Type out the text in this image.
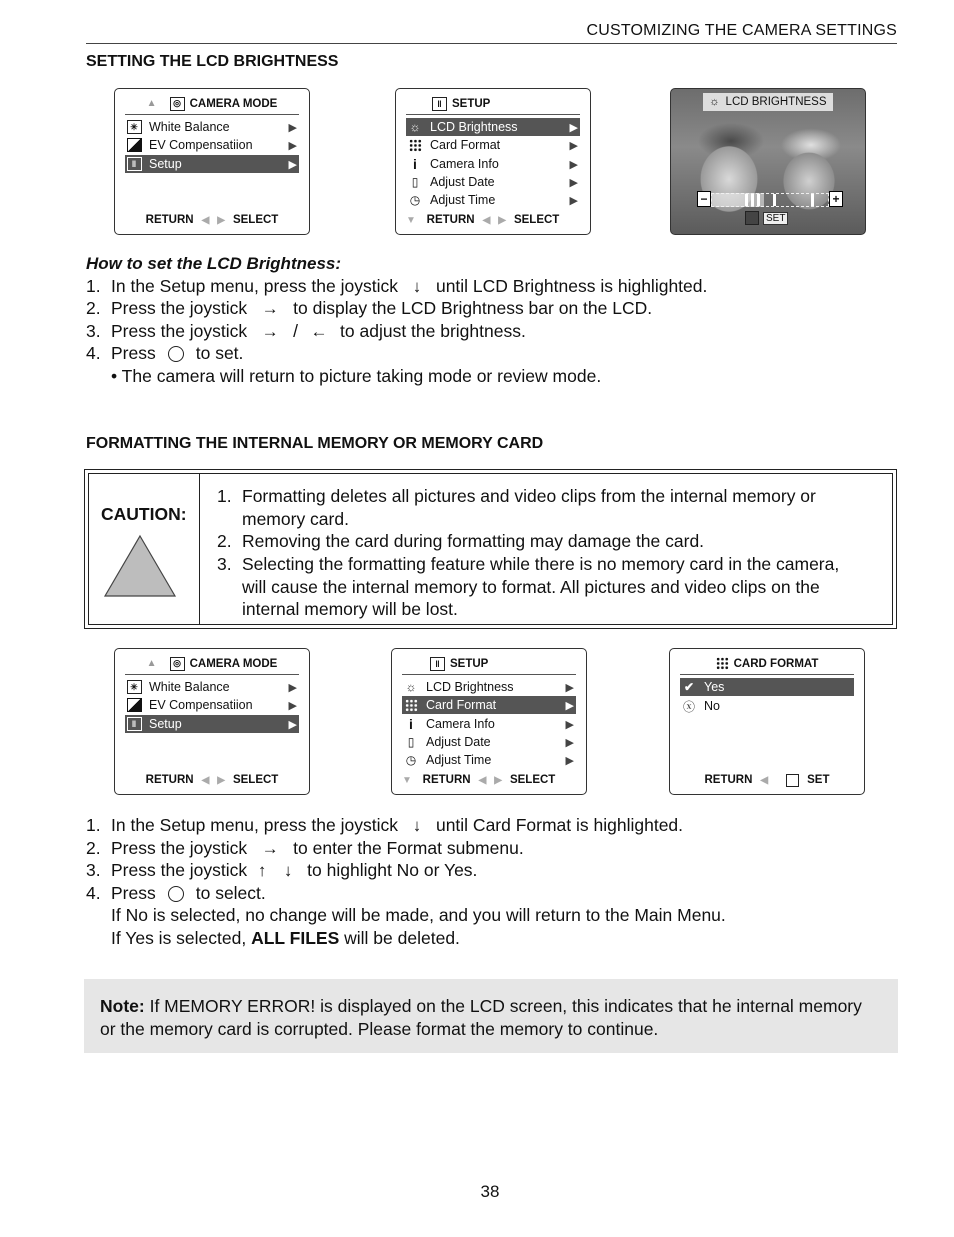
CUSTOMIZING THE CAMERA SETTINGS
SETTING THE LCD BRIGHTNESS
▲	◎ CAMERA MODE
✳ White Balance	▶
EV Compensatiion	▶
‖	Setup	▶
RETURN ◀ ▶ SELECT
‖ SETUP
☼ LCD Brightness	▶
Card Format	▶
i	Camera Info	▶
▯ Adjust Date	▶
◷ Adjust Time	▶
▼ RETURN ◀ ▶ SELECT
☼ LCD BRIGHTNESS
−	+
SET
How to set the LCD Brightness:
1. In the Setup menu, press the joystick ↓ until LCD Brightness is highlighted.
2. Press the joystick → to display the LCD Brightness bar on the LCD.
3. Press the joystick → / ← to adjust the brightness.
4. Press to set.
• The camera will return to picture taking mode or review mode.
FORMATTING THE INTERNAL MEMORY OR MEMORY CARD
CAUTION:
1. Formatting deletes all pictures and video clips from the internal memory or memory card.
2. Removing the card during formatting may damage the card.
3. Selecting the formatting feature while there is no memory card in the camera, will cause the internal memory to format. All pictures and video clips on the internal memory will be lost.
▲	◎ CAMERA MODE
✳ White Balance	▶
EV Compensatiion	▶
‖	Setup	▶
RETURN ◀ ▶ SELECT
‖ SETUP
☼ LCD Brightness	▶
Card Format	▶
i	Camera Info	▶
▯ Adjust Date	▶
◷ Adjust Time	▶
▼ RETURN ◀ ▶ SELECT
CARD FORMAT
✔ Yes
ⓧ No
RETURN ◀	SET
1. In the Setup menu, press the joystick ↓ until Card Format is highlighted.
2. Press the joystick → to enter the Format submenu.
3. Press the joystick ↑	↓ to highlight No or Yes.
4. Press to select.
If No is selected, no change will be made, and you will return to the Main Menu.
If Yes is selected, ALL FILES will be deleted.
Note: If MEMORY ERROR! is displayed on the LCD screen, this indicates that he internal memory or the memory card is corrupted. Please format the memory to continue.
38
